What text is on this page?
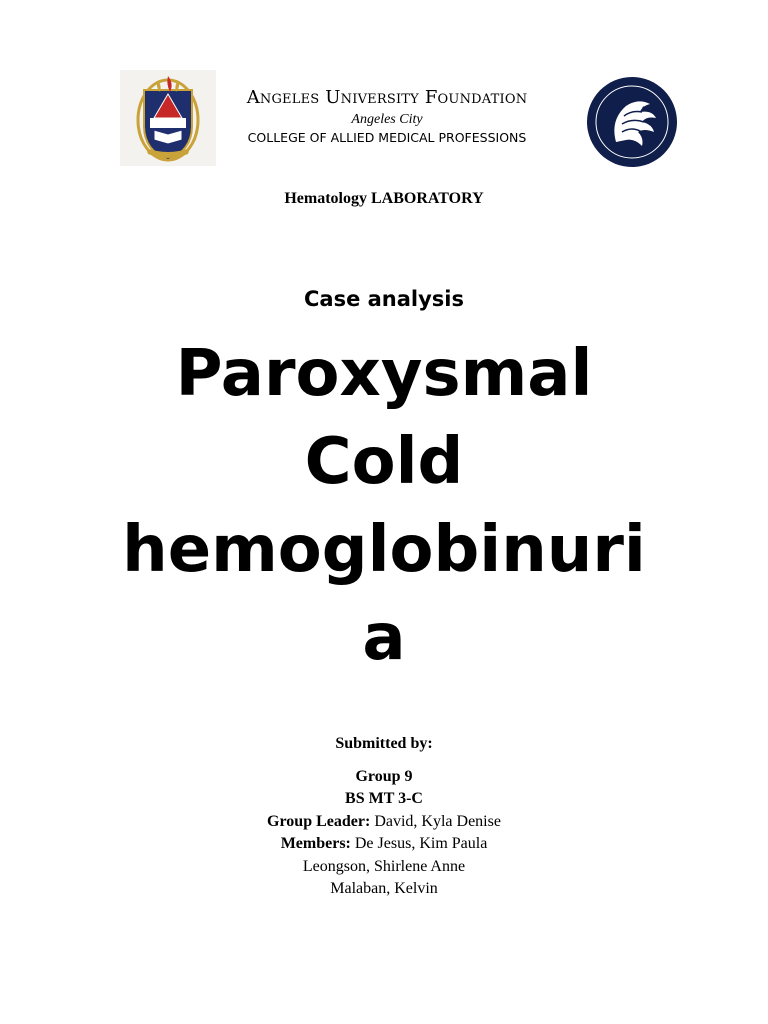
Angeles University Foundation
Angeles City
COLLEGE OF ALLIED MEDICAL PROFESSIONS
Hematology LABORATORY
Case analysis
Paroxysmal
Cold
hemoglobinuri
a
Submitted by:
Group 9
BS MT 3-C
Group Leader: David, Kyla Denise
Members: De Jesus, Kim Paula
Leongson, Shirlene Anne
Malaban, Kelvin
